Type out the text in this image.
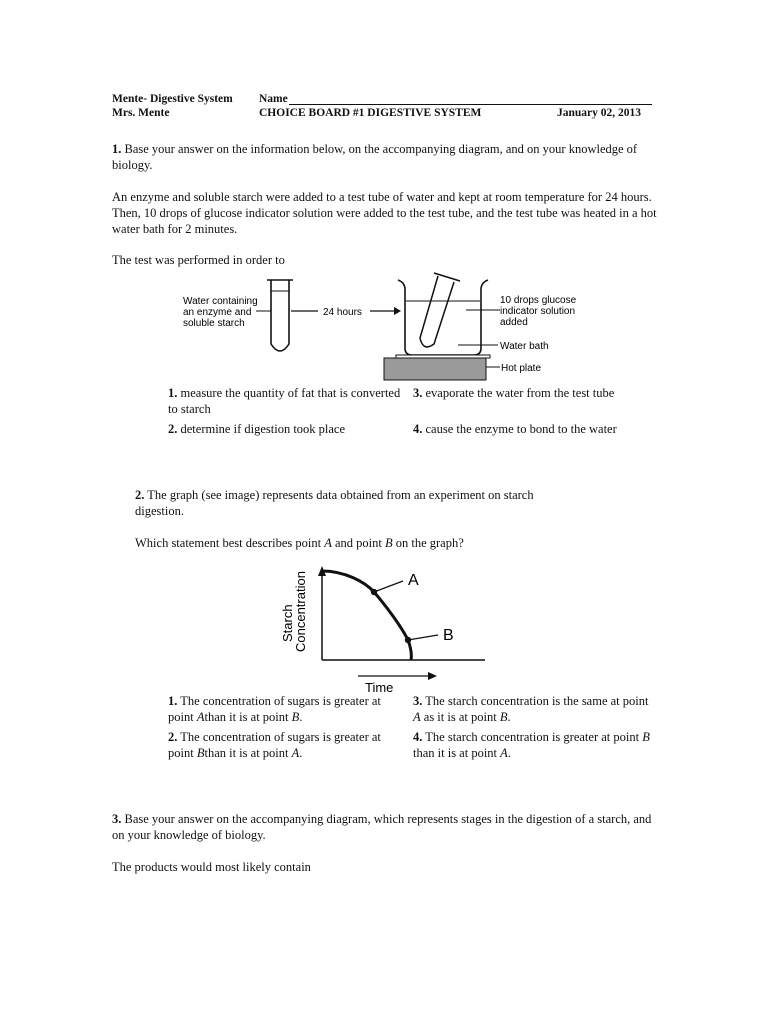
Mente- Digestive System
Mrs. Mente
Name
CHOICE BOARD #1 DIGESTIVE SYSTEM	January 02, 2013
1. Base your answer on the information below, on the accompanying diagram, and on your knowledge of biology.
An enzyme and soluble starch were added to a test tube of water and kept at room temperature for 24 hours. Then, 10 drops of glucose indicator solution were added to the test tube, and the test tube was heated in a hot water bath for 2 minutes.
The test was performed in order to
Water containing
an enzyme and
soluble starch
24 hours
10 drops glucose
indicator solution
added
Water bath
Hot plate
1. measure the quantity of fat that is converted to starch
2. determine if digestion took place
3. evaporate the water from the test tube
4. cause the enzyme to bond to the water
2. The graph (see image) represents data obtained from an experiment on starch digestion.
Which statement best describes point A and point B on the graph?
Starch
Concentration
Time
A
B
1. The concentration of sugars is greater at point Athan it is at point B.
2. The concentration of sugars is greater at point Bthan it is at point A.
3. The starch concentration is the same at point A as it is at point B.
4. The starch concentration is greater at point B than it is at point A.
3. Base your answer on the accompanying diagram, which represents stages in the digestion of a starch, and on your knowledge of biology.
The products would most likely contain
